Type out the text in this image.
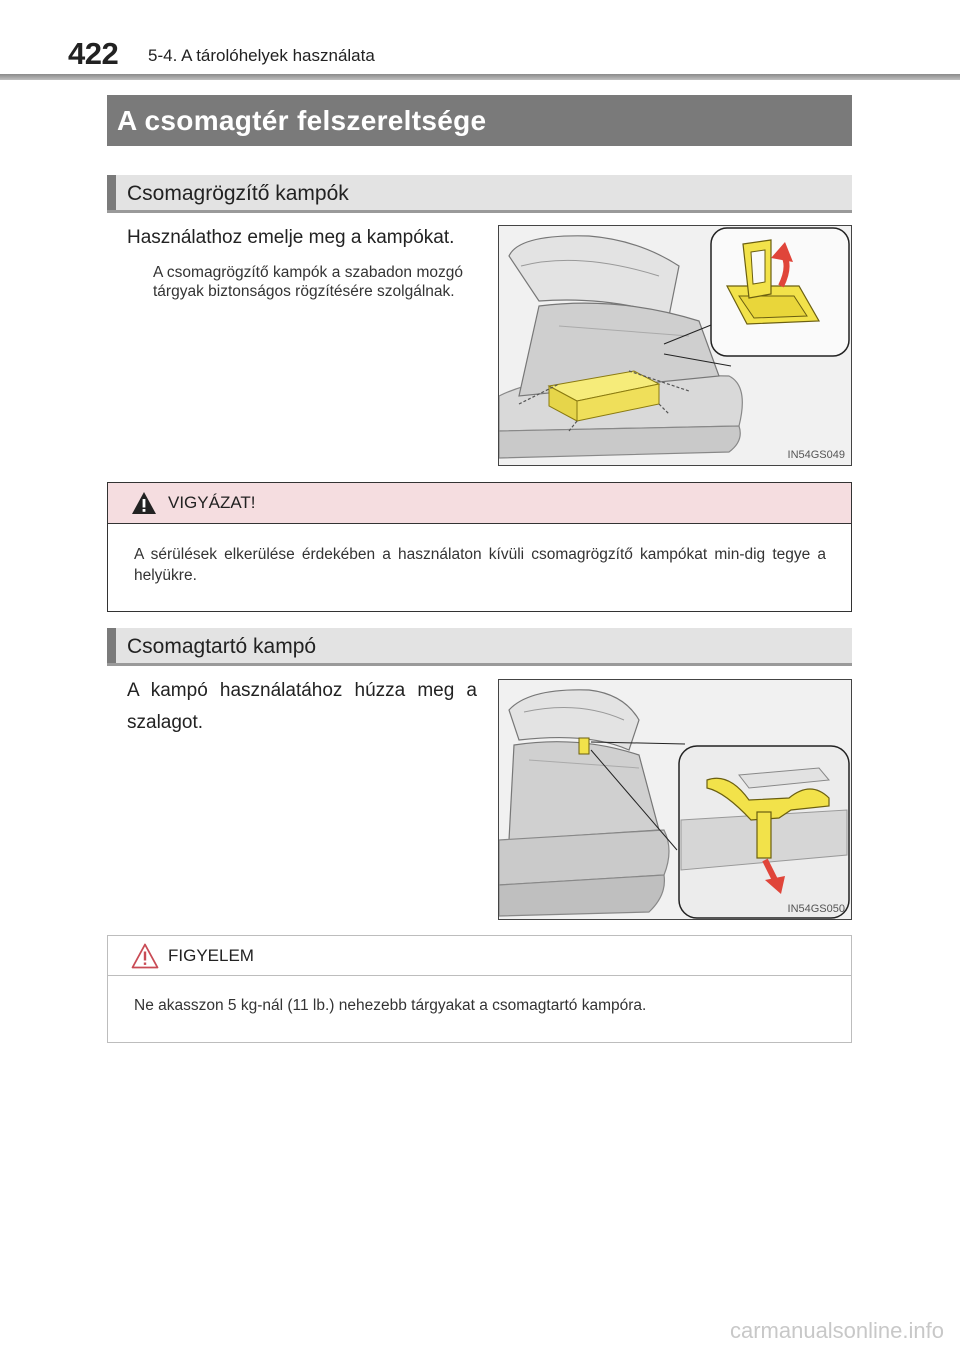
422 5-4. A tárolóhelyek használata
A csomagtér felszereltsége
Csomagrögzítő kampók
Használathoz emelje meg a kampókat.
A csomagrögzítő kampók a szabadon mozgó tárgyak biztonságos rögzítésére szolgálnak.
IN54GS049
VIGYÁZAT!
A sérülések elkerülése érdekében a használaton kívüli csomagrögzítő kampókat min-dig tegye a helyükre.
Csomagtartó kampó
A kampó használatához húzza meg a szalagot.
IN54GS050
FIGYELEM
Ne akasszon 5 kg-nál (11 lb.) nehezebb tárgyakat a csomagtartó kampóra.
carmanualsonline.info
